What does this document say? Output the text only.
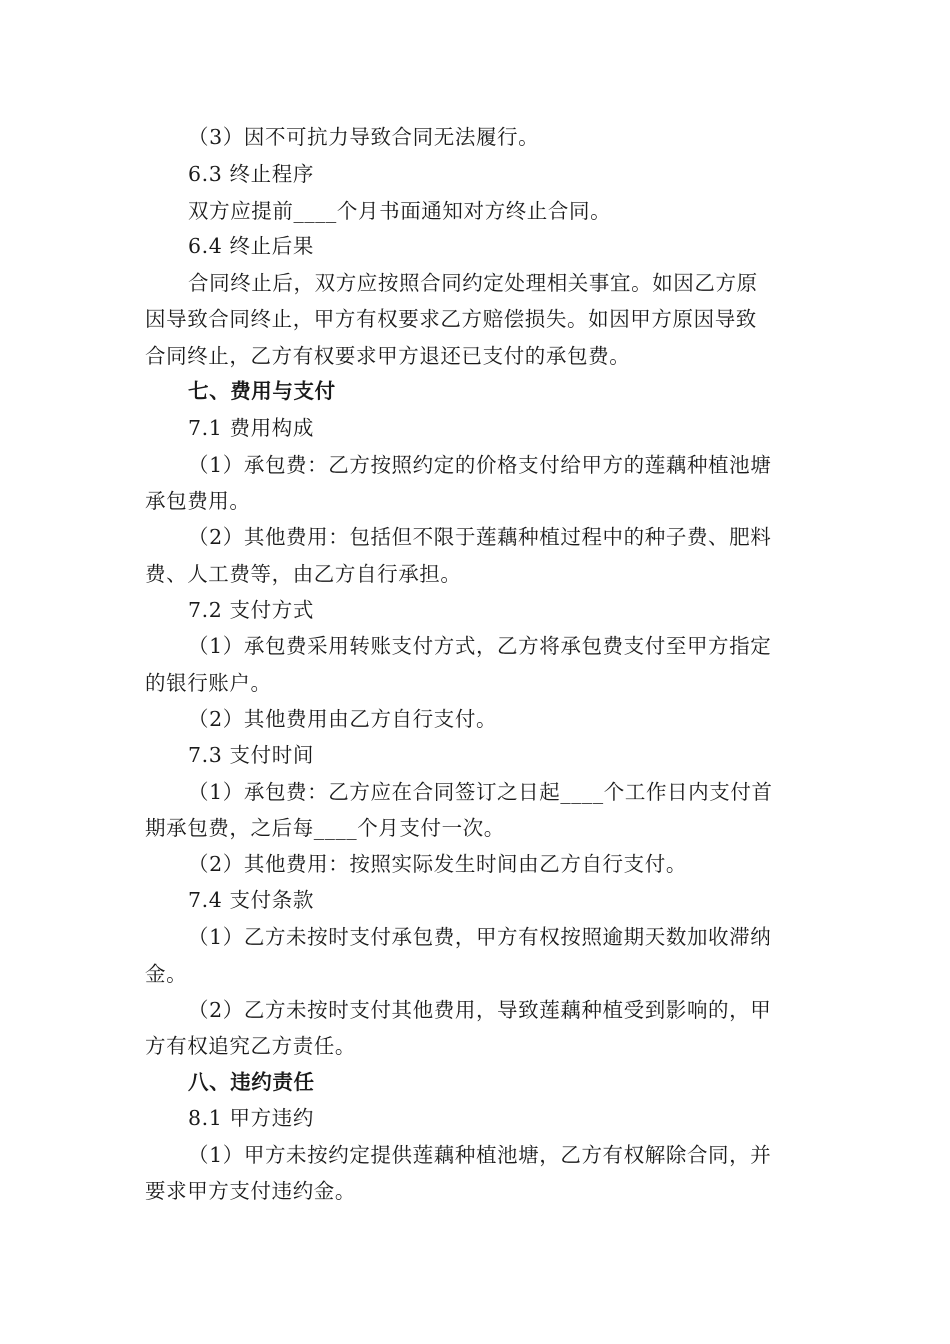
（3）因不可抗力导致合同无法履行。
6.3 终止程序
双方应提前____个月书面通知对方终止合同。
6.4 终止后果
合同终止后，双方应按照合同约定处理相关事宜。如因乙方原
因导致合同终止，甲方有权要求乙方赔偿损失。如因甲方原因导致
合同终止，乙方有权要求甲方退还已支付的承包费。
七、费用与支付
7.1 费用构成
（1）承包费：乙方按照约定的价格支付给甲方的莲藕种植池塘
承包费用。
（2）其他费用：包括但不限于莲藕种植过程中的种子费、肥料
费、人工费等，由乙方自行承担。
7.2 支付方式
（1）承包费采用转账支付方式，乙方将承包费支付至甲方指定
的银行账户。
（2）其他费用由乙方自行支付。
7.3 支付时间
（1）承包费：乙方应在合同签订之日起____个工作日内支付首
期承包费，之后每____个月支付一次。
（2）其他费用：按照实际发生时间由乙方自行支付。
7.4 支付条款
（1）乙方未按时支付承包费，甲方有权按照逾期天数加收滞纳
金。
（2）乙方未按时支付其他费用，导致莲藕种植受到影响的，甲
方有权追究乙方责任。
八、违约责任
8.1 甲方违约
（1）甲方未按约定提供莲藕种植池塘，乙方有权解除合同，并
要求甲方支付违约金。
